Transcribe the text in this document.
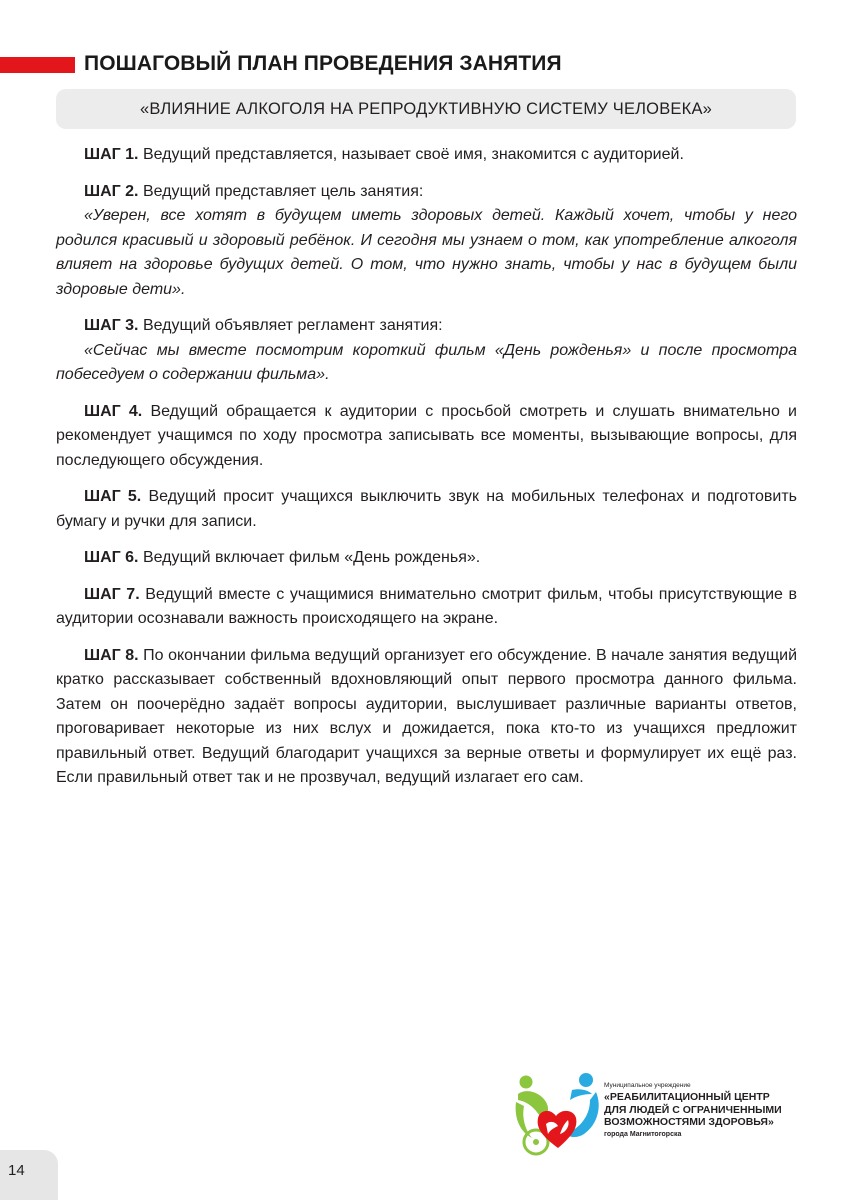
ПОШАГОВЫЙ ПЛАН ПРОВЕДЕНИЯ ЗАНЯТИЯ
«ВЛИЯНИЕ АЛКОГОЛЯ НА РЕПРОДУКТИВНУЮ СИСТЕМУ ЧЕЛОВЕКА»
ШАГ 1. Ведущий представляется, называет своё имя, знакомится с аудиторией.
ШАГ 2. Ведущий представляет цель занятия:
«Уверен, все хотят в будущем иметь здоровых детей. Каждый хочет, чтобы у него родился красивый и здоровый ребёнок. И сегодня мы узнаем о том, как употребление алкоголя влияет на здоровье будущих детей. О том, что нужно знать, чтобы у нас в будущем были здоровые дети».
ШАГ 3. Ведущий объявляет регламент занятия:
«Сейчас мы вместе посмотрим короткий фильм «День рожденья» и после просмотра побеседуем о содержании фильма».
ШАГ 4. Ведущий обращается к аудитории с просьбой смотреть и слушать внимательно и рекомендует учащимся по ходу просмотра записывать все моменты, вызывающие вопросы, для последующего обсуждения.
ШАГ 5. Ведущий просит учащихся выключить звук на мобильных телефонах и подготовить бумагу и ручки для записи.
ШАГ 6. Ведущий включает фильм «День рожденья».
ШАГ 7. Ведущий вместе с учащимися внимательно смотрит фильм, чтобы присутствующие в аудитории осознавали важность происходящего на экране.
ШАГ 8. По окончании фильма ведущий организует его обсуждение. В начале занятия ведущий кратко рассказывает собственный вдохновляющий опыт первого просмотра данного фильма. Затем он поочерёдно задаёт вопросы аудитории, выслушивает различные варианты ответов, проговаривает некоторые из них вслух и дожидается, пока кто-то из учащихся предложит правильный ответ. Ведущий благодарит учащихся за верные ответы и формулирует их ещё раз. Если правильный ответ так и не прозвучал, ведущий излагает его сам.
14
Муниципальное учреждение
«РЕАБИЛИТАЦИОННЫЙ ЦЕНТР
ДЛЯ ЛЮДЕЙ С ОГРАНИЧЕННЫМИ
ВОЗМОЖНОСТЯМИ ЗДОРОВЬЯ»
города Магнитогорска
